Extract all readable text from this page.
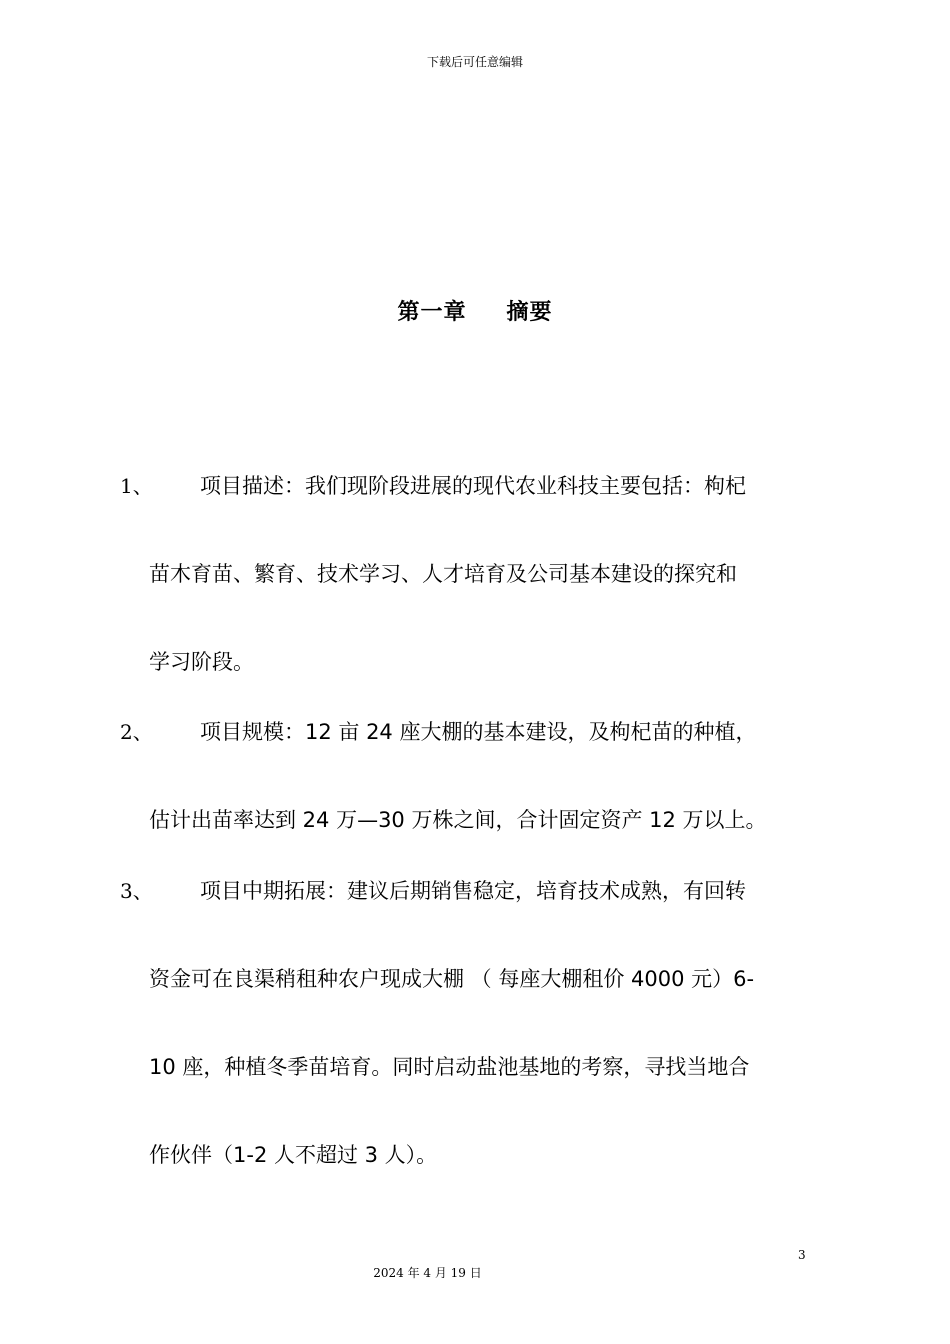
下载后可任意编辑
第一章 摘要
1、 项目描述：我们现阶段进展的现代农业科技主要包括：枸杞
苗木育苗、繁育、技术学习、人才培育及公司基本建设的探究和
学习阶段。
2、 项目规模：12 亩 24 座大棚的基本建设，及枸杞苗的种植，
估计出苗率达到 24 万—30 万株之间，合计固定资产 12 万以上。
3、 项目中期拓展：建议后期销售稳定，培育技术成熟，有回转
资金可在良渠稍租种农户现成大棚 （ 每座大棚租价 4000 元）6-
10 座，种植冬季苗培育。同时启动盐池基地的考察，寻找当地合
作伙伴（1-2 人不超过 3 人）。
3
2024 年 4 月 19 日
